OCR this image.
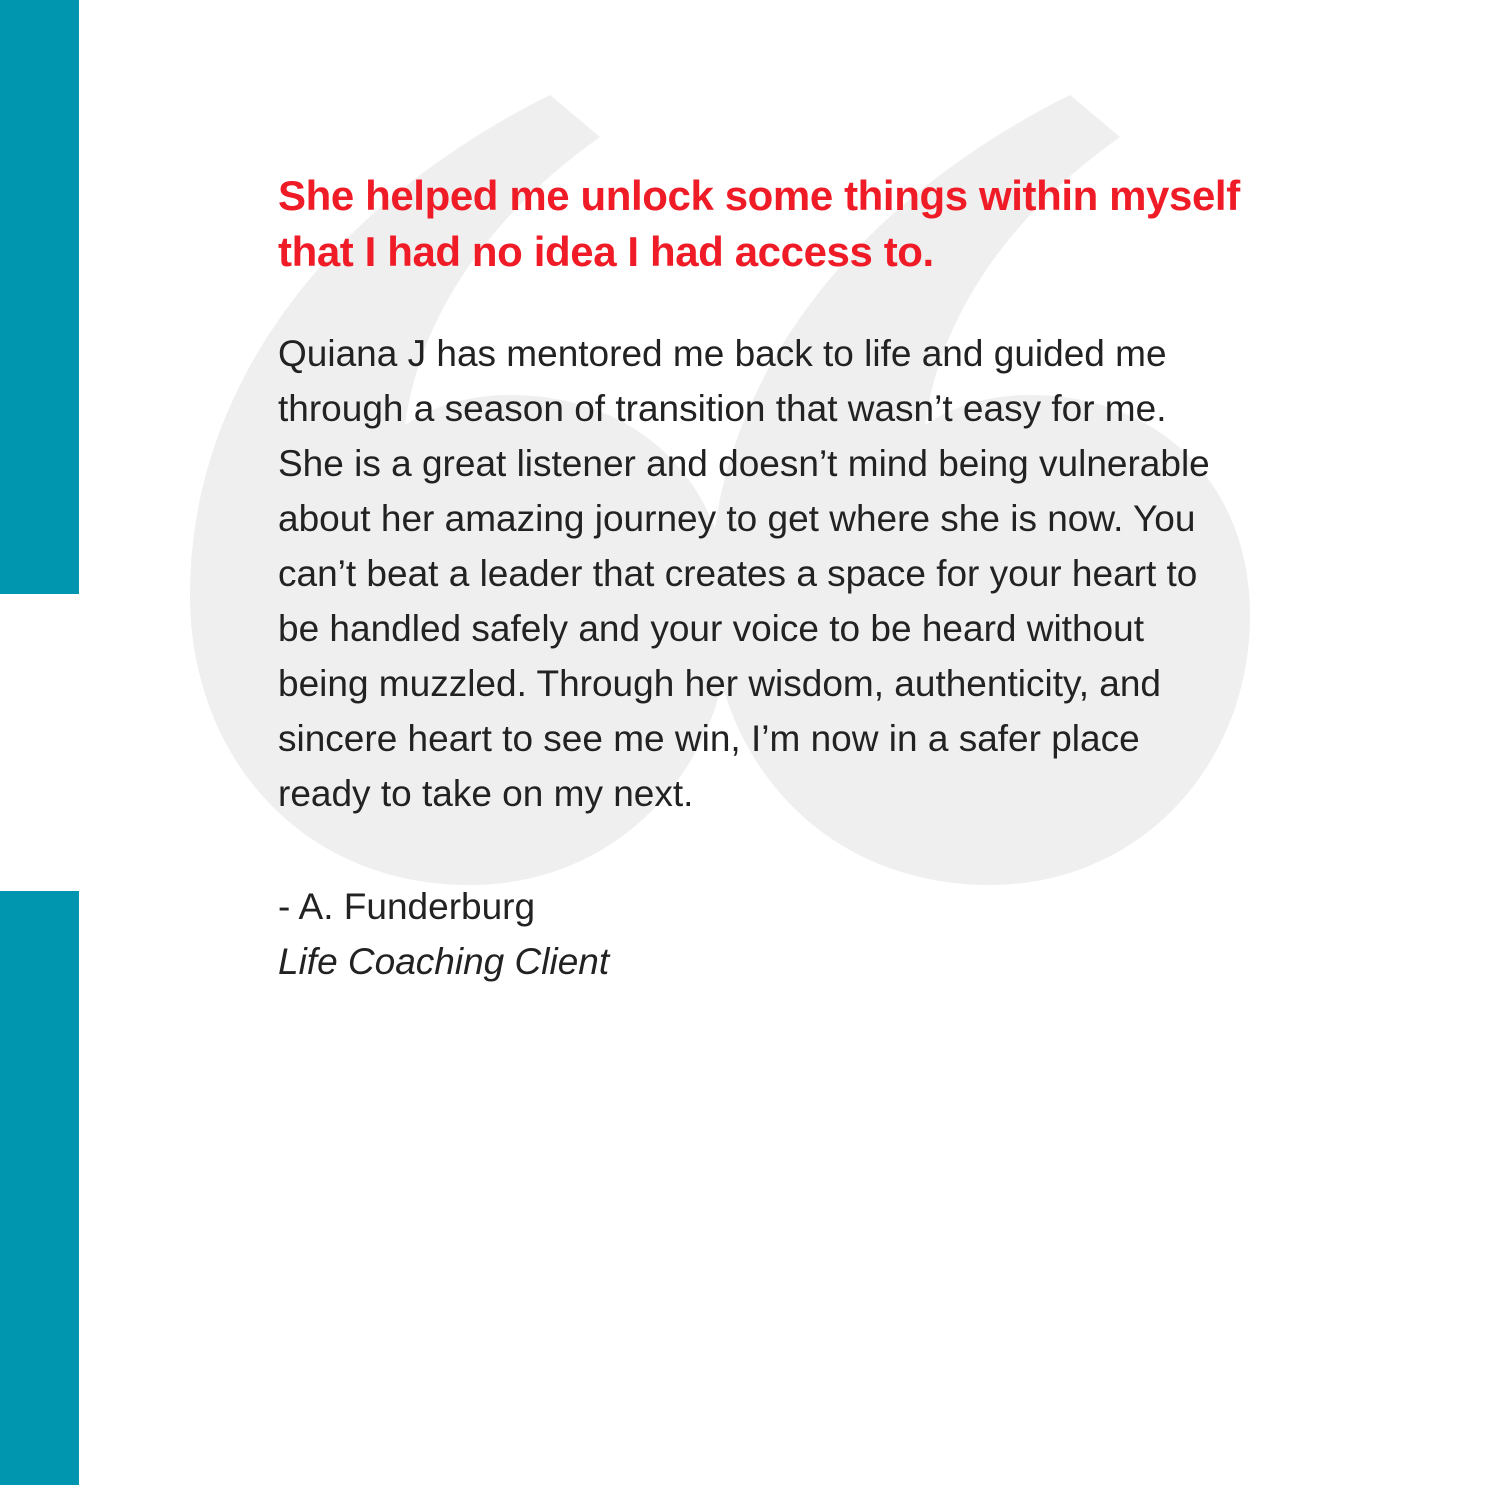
She helped me unlock some things within myself that I had no idea I had access to.

Quiana J has mentored me back to life and guided me through a season of transition that wasn’t easy for me. She is a great listener and doesn’t mind being vulnerable about her amazing journey to get where she is now. You can’t beat a leader that creates a space for your heart to be handled safely and your voice to be heard without being muzzled. Through her wisdom, authenticity, and sincere heart to see me win, I’m now in a safer place ready to take on my next.

- A. Funderburg
Life Coaching Client
